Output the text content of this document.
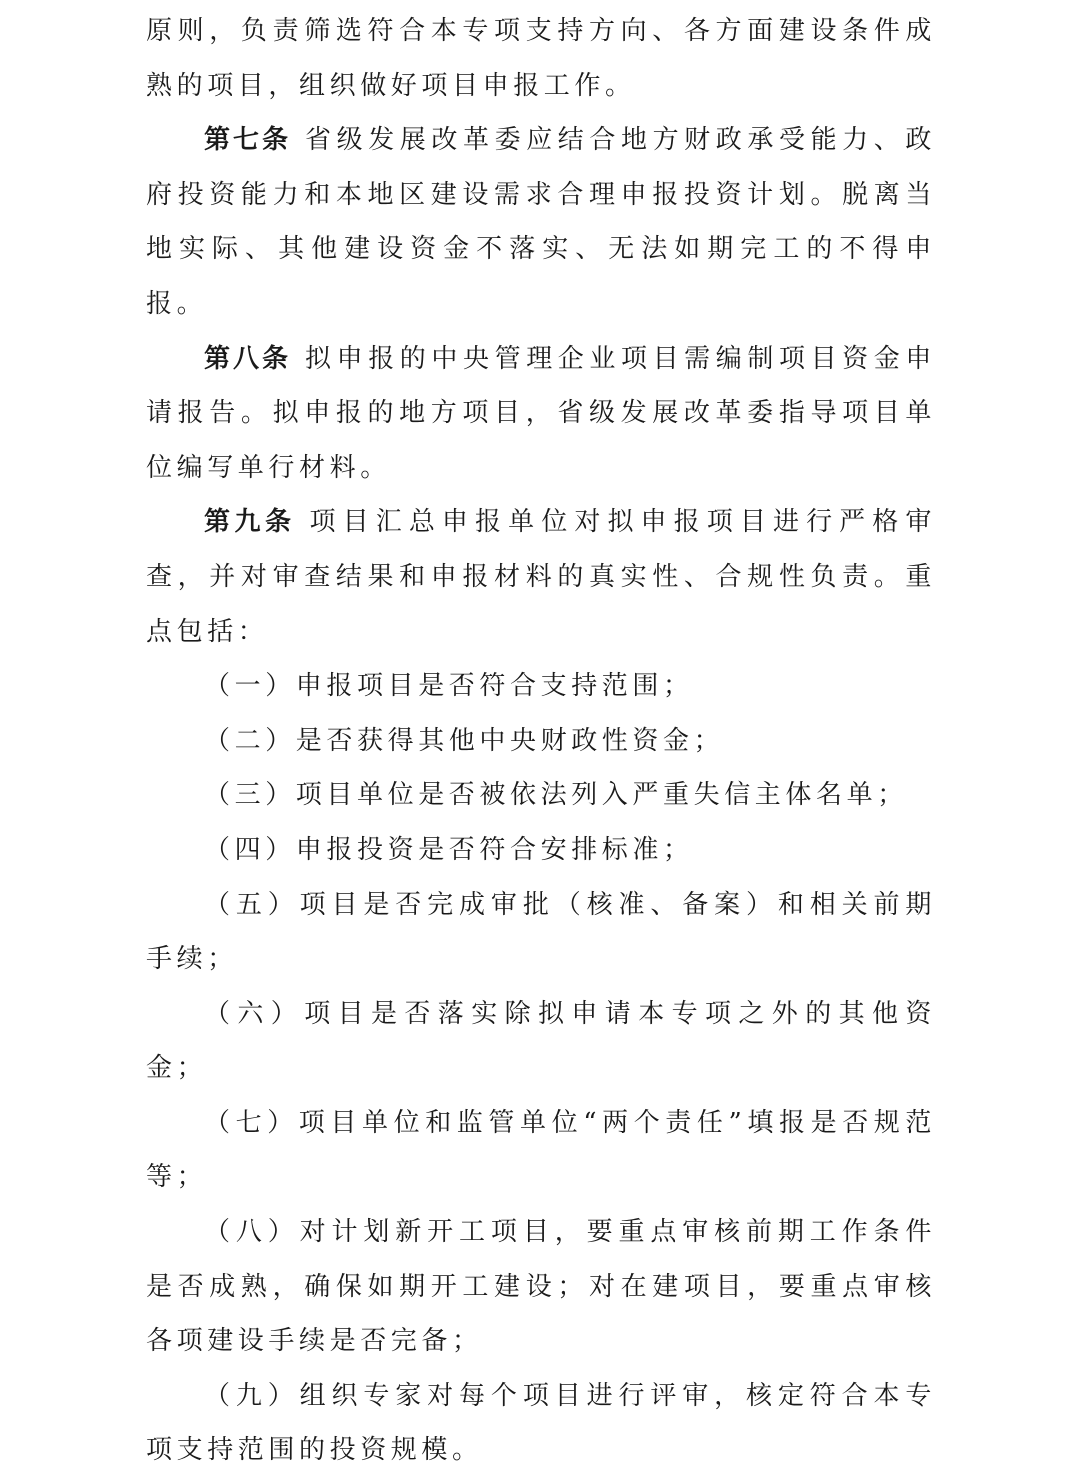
原则，负责筛选符合本专项支持方向、各方面建设条件成熟的项目，组织做好项目申报工作。

第七条 省级发展改革委应结合地方财政承受能力、政府投资能力和本地区建设需求合理申报投资计划。脱离当地实际、其他建设资金不落实、无法如期完工的不得申报。

第八条 拟申报的中央管理企业项目需编制项目资金申请报告。拟申报的地方项目，省级发展改革委指导项目单位编写单行材料。

第九条 项目汇总申报单位对拟申报项目进行严格审查，并对审查结果和申报材料的真实性、合规性负责。重点包括：

（一）申报项目是否符合支持范围；

（二）是否获得其他中央财政性资金；

（三）项目单位是否被依法列入严重失信主体名单；

（四）申报投资是否符合安排标准；

（五）项目是否完成审批（核准、备案）和相关前期手续；

（六）项目是否落实除拟申请本专项之外的其他资金；

（七）项目单位和监管单位“两个责任”填报是否规范等；

（八）对计划新开工项目，要重点审核前期工作条件是否成熟，确保如期开工建设；对在建项目，要重点审核各项建设手续是否完备；

（九）组织专家对每个项目进行评审，核定符合本专项支持范围的投资规模。
